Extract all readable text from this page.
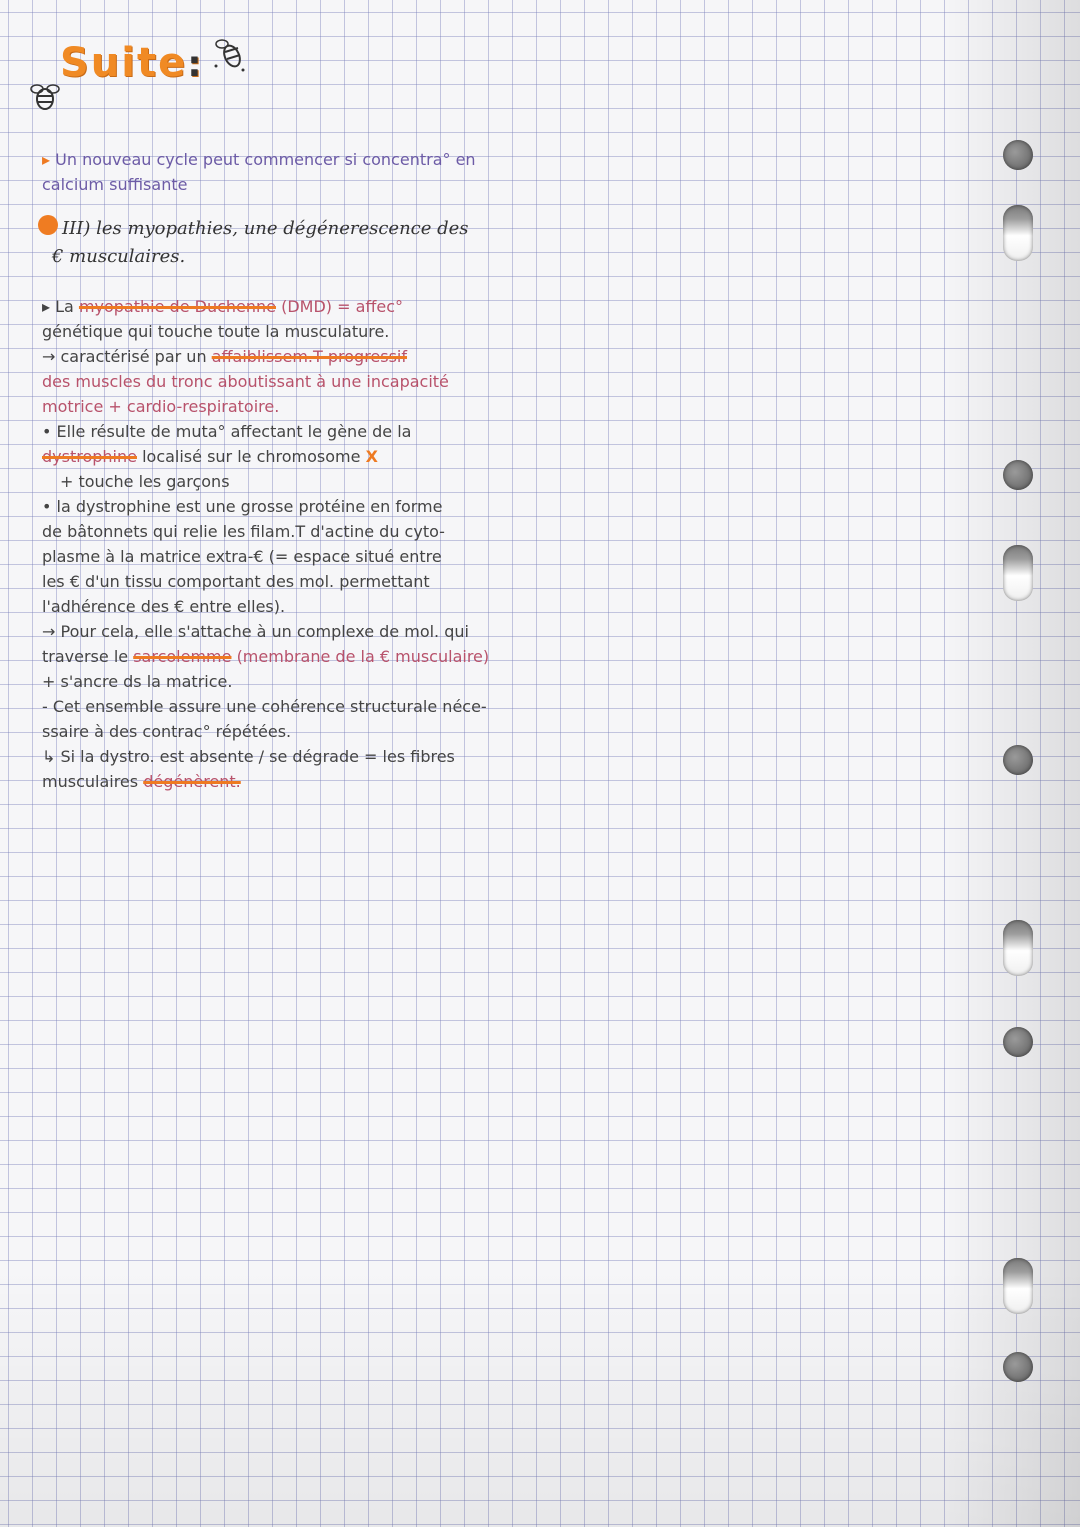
Suite:
▸ Un nouveau cycle peut commencer si concentra° en
calcium suffisante
III) les myopathies, une dégénerescence des
€ musculaires.
▸ La myopathie de Duchenne (DMD) = affec°
génétique qui touche toute la musculature.
→ caractérisé par un affaiblissem.T progressif
des muscles du tronc aboutissant à une incapacité
motrice + cardio-respiratoire.
• Elle résulte de muta° affectant le gène de la
dystrophine localisé sur le chromosome X
+ touche les garçons
• la dystrophine est une grosse protéine en forme
de bâtonnets qui relie les filam.T d'actine du cyto-
plasme à la matrice extra-€ (= espace situé entre
les € d'un tissu comportant des mol. permettant
l'adhérence des € entre elles).
→ Pour cela, elle s'attache à un complexe de mol. qui
traverse le sarcolemme (membrane de la € musculaire)
+ s'ancre ds la matrice.
- Cet ensemble assure une cohérence structurale néce-
ssaire à des contrac° répétées.
↳ Si la dystro. est absente / se dégrade = les fibres
musculaires dégénèrent.
